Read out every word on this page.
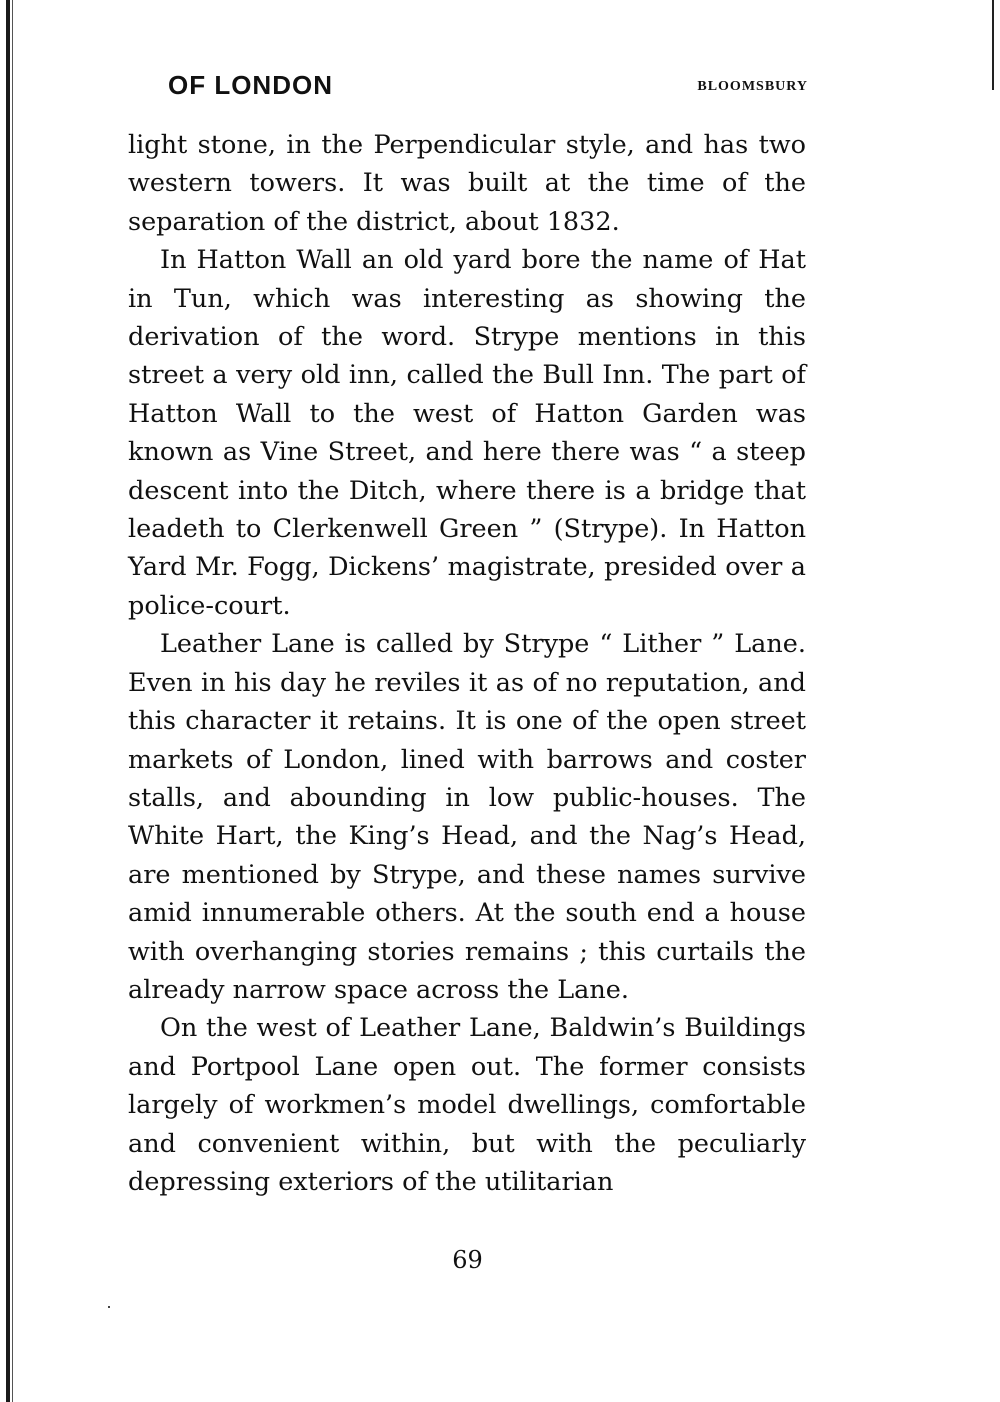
OF LONDON	BLOOMSBURY

light stone, in the Perpendicular style, and has two western towers. It was built at the time of the separation of the district, about 1832.

In Hatton Wall an old yard bore the name of Hat in Tun, which was interesting as showing the derivation of the word. Strype mentions in this street a very old inn, called the Bull Inn. The part of Hatton Wall to the west of Hatton Garden was known as Vine Street, and here there was “ a steep descent into the Ditch, where there is a bridge that leadeth to Clerkenwell Green ” (Strype). In Hatton Yard Mr. Fogg, Dickens’ magistrate, presided over a police-court.

Leather Lane is called by Strype “ Lither ” Lane. Even in his day he reviles it as of no reputation, and this character it retains. It is one of the open street markets of London, lined with barrows and coster stalls, and abounding in low public-houses. The White Hart, the King’s Head, and the Nag’s Head, are mentioned by Strype, and these names survive amid innumerable others. At the south end a house with overhanging stories remains ; this curtails the already narrow space across the Lane.

On the west of Leather Lane, Baldwin’s Buildings and Portpool Lane open out. The former consists largely of workmen’s model dwellings, comfortable and convenient within, but with the peculiarly depressing exteriors of the utilitarian

69
